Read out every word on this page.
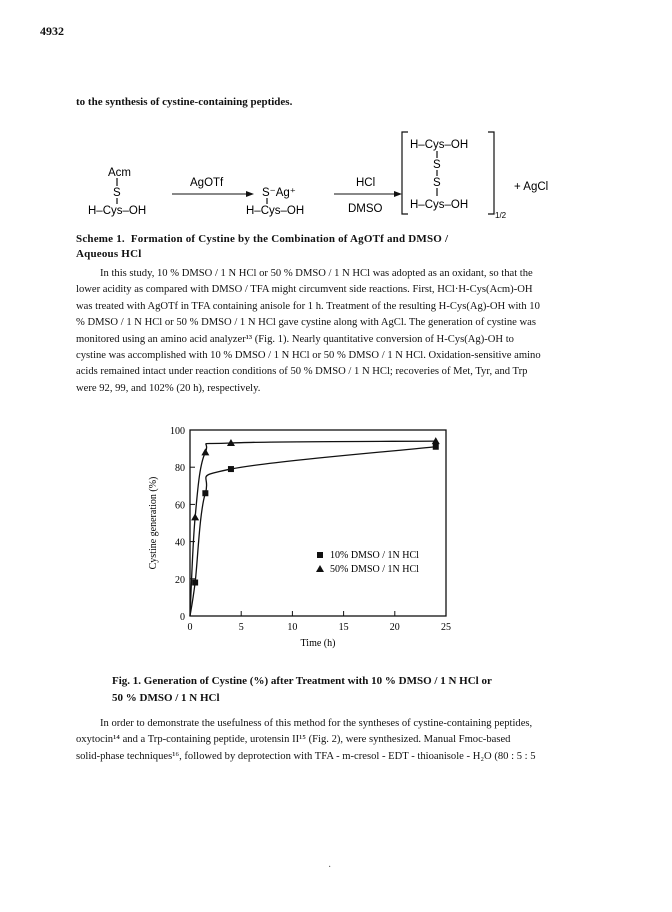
4932
to the synthesis of cystine-containing peptides.
Acm
S
H–Cys–OH
AgOTf
S⁻Ag⁺
H–Cys–OH
HCl
DMSO
H–Cys–OH
S
S
H–Cys–OH
1/2
+ AgCl
Scheme 1. Formation of Cystine by the Combination of AgOTf and DMSO /
Aqueous HCl
In this study, 10 % DMSO / 1 N HCl or 50 % DMSO / 1 N HCl was adopted as an oxidant, so that the
lower acidity as compared with DMSO / TFA might circumvent side reactions. First, HCl·H-Cys(Acm)-OH
was treated with AgOTf in TFA containing anisole for 1 h. Treatment of the resulting H-Cys(Ag)-OH with 10
% DMSO / 1 N HCl or 50 % DMSO / 1 N HCl gave cystine along with AgCl. The generation of cystine was
monitored using an amino acid analyzer¹³ (Fig. 1). Nearly quantitative conversion of H-Cys(Ag)-OH to
cystine was accomplished with 10 % DMSO / 1 N HCl or 50 % DMSO / 1 N HCl. Oxidation-sensitive amino
acids remained intact under reaction conditions of 50 % DMSO / 1 N HCl; recoveries of Met, Tyr, and Trp
were 92, 99, and 102% (20 h), respectively.
0	5	10	15	20	25
0
20
40
60
80
100
Time (h)
Cystine generation (%)	10% DMSO / 1N HCl
50% DMSO / 1N HCl
Fig. 1. Generation of Cystine (%) after Treatment with 10 % DMSO / 1 N HCl or
50 % DMSO / 1 N HCl
In order to demonstrate the usefulness of this method for the syntheses of cystine-containing peptides,
oxytocin¹⁴ and a Trp-containing peptide, urotensin II¹⁵ (Fig. 2), were synthesized. Manual Fmoc-based
solid-phase techniques¹⁶, followed by deprotection with TFA - m-cresol - EDT - thioanisole - H₂O (80 : 5 : 5
·
